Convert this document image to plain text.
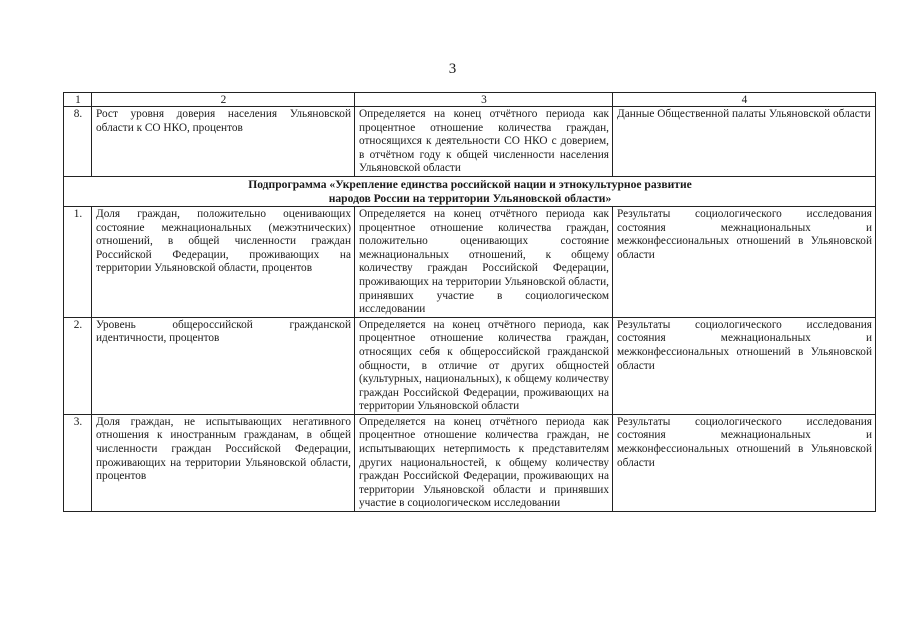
3
1	2	3	4
8.	Рост уровня доверия населения Ульяновской области к СО НКО, процентов	Определяется на конец отчётного периода как процентное отношение количества граждан, относящихся к деятельности СО НКО с доверием, в отчётном году к общей численности населения Ульяновской области	Данные Общественной палаты Ульяновской области

Подпрограмма «Укрепление единства российской нации и этнокультурное развитие
народов России на территории Ульяновской области»			

1.	Доля граждан, положительно оценивающих состояние межнациональных (межэтнических) отношений, в общей численности граждан Российской Федерации, проживающих на территории Ульяновской области, процентов	Определяется на конец отчётного периода как процентное отношение количества граждан, положительно оценивающих состояние межнациональных отношений, к общему количеству граждан Российской Федерации, проживающих на территории Ульяновской области, принявших участие в социологическом исследовании	Результаты социологического исследования состояния межнациональных и межконфессиональных отношений в Ульяновской области
2.	Уровень общероссийской гражданской идентичности, процентов	Определяется на конец отчётного периода, как процентное отношение количества граждан, относящих себя к общероссийской гражданской общности, в отличие от других общностей (культурных, национальных), к общему количеству граждан Российской Федерации, проживающих на территории Ульяновской области	Результаты социологического исследования состояния межнациональных и межконфессиональных отношений в Ульяновской области
3.	Доля граждан, не испытывающих негативного отношения к иностранным гражданам, в общей численности граждан Российской Федерации, проживающих на территории Ульяновской области, процентов	Определяется на конец отчётного периода как процентное отношение количества граждан, не испытывающих нетерпимость к представителям других национальностей, к общему количеству граждан Российской Федерации, проживающих на территории Ульяновской области и принявших участие в социологическом исследовании	Результаты социологического исследования состояния межнациональных и межконфессиональных отношений в Ульяновской области
